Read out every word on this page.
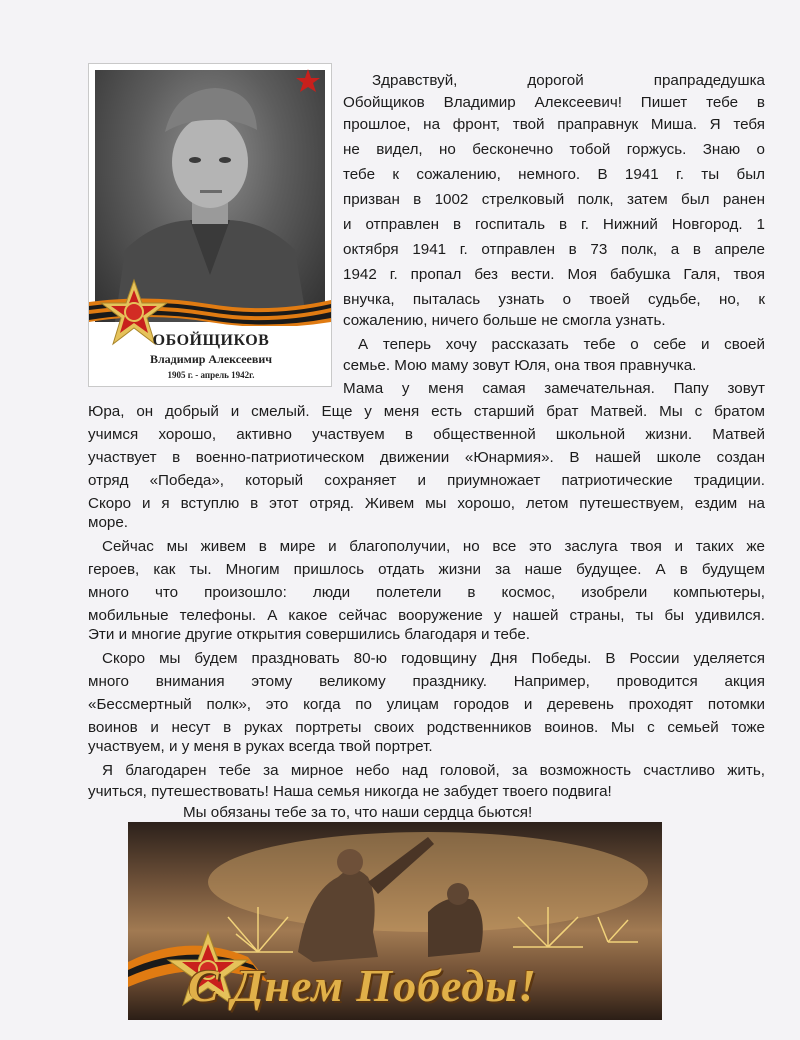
ОБОЙЩИКОВ
Владимир Алексеевич
1905 г. - апрель 1942г.
Здравствуй, дорогой прапрадедушка
Обойщиков Владимир Алексеевич! Пишет тебе в
прошлое, на фронт, твой праправнук Миша. Я тебя
не видел, но бесконечно тобой горжусь. Знаю о
тебе к сожалению, немного. В 1941 г. ты был
призван в 1002 стрелковый полк, затем был ранен
и отправлен в госпиталь в г. Нижний Новгород. 1
октября 1941 г. отправлен в 73 полк, а в апреле
1942 г. пропал без вести. Моя бабушка Галя, твоя
внучка, пыталась узнать о твоей судьбе, но, к
сожалению, ничего больше не смогла узнать.
А теперь хочу рассказать тебе о себе и своей
семье. Мою маму зовут Юля, она твоя правнучка.
Мама у меня самая замечательная. Папу зовут
Юра, он добрый и смелый. Еще у меня есть старший брат Матвей. Мы с братом
учимся хорошо, активно участвуем в общественной школьной жизни. Матвей
участвует в военно-патриотическом движении «Юнармия». В нашей школе создан
отряд «Победа», который сохраняет и приумножает патриотические традиции.
Скоро и я вступлю в этот отряд. Живем мы хорошо, летом путешествуем, ездим на
море.
Сейчас мы живем в мире и благополучии, но все это заслуга твоя и таких же
героев, как ты. Многим пришлось отдать жизни за наше будущее. А в будущем
много что произошло: люди полетели в космос, изобрели компьютеры,
мобильные телефоны. А какое сейчас вооружение у нашей страны, ты бы удивился.
Эти и многие другие открытия совершились благодаря и тебе.
Скоро мы будем праздновать 80-ю годовщину Дня Победы. В России уделяется
много внимания этому великому празднику. Например, проводится акция
«Бессмертный полк», это когда по улицам городов и деревень проходят потомки
воинов и несут в руках портреты своих родственников воинов. Мы с семьей тоже
участвуем, и у меня в руках всегда твой портрет.
Я благодарен тебе за мирное небо над головой, за возможность счастливо жить,
учиться, путешествовать! Наша семья никогда не забудет твоего подвига!
Мы обязаны тебе за то, что наши сердца бьются!
С Днем Победы!
